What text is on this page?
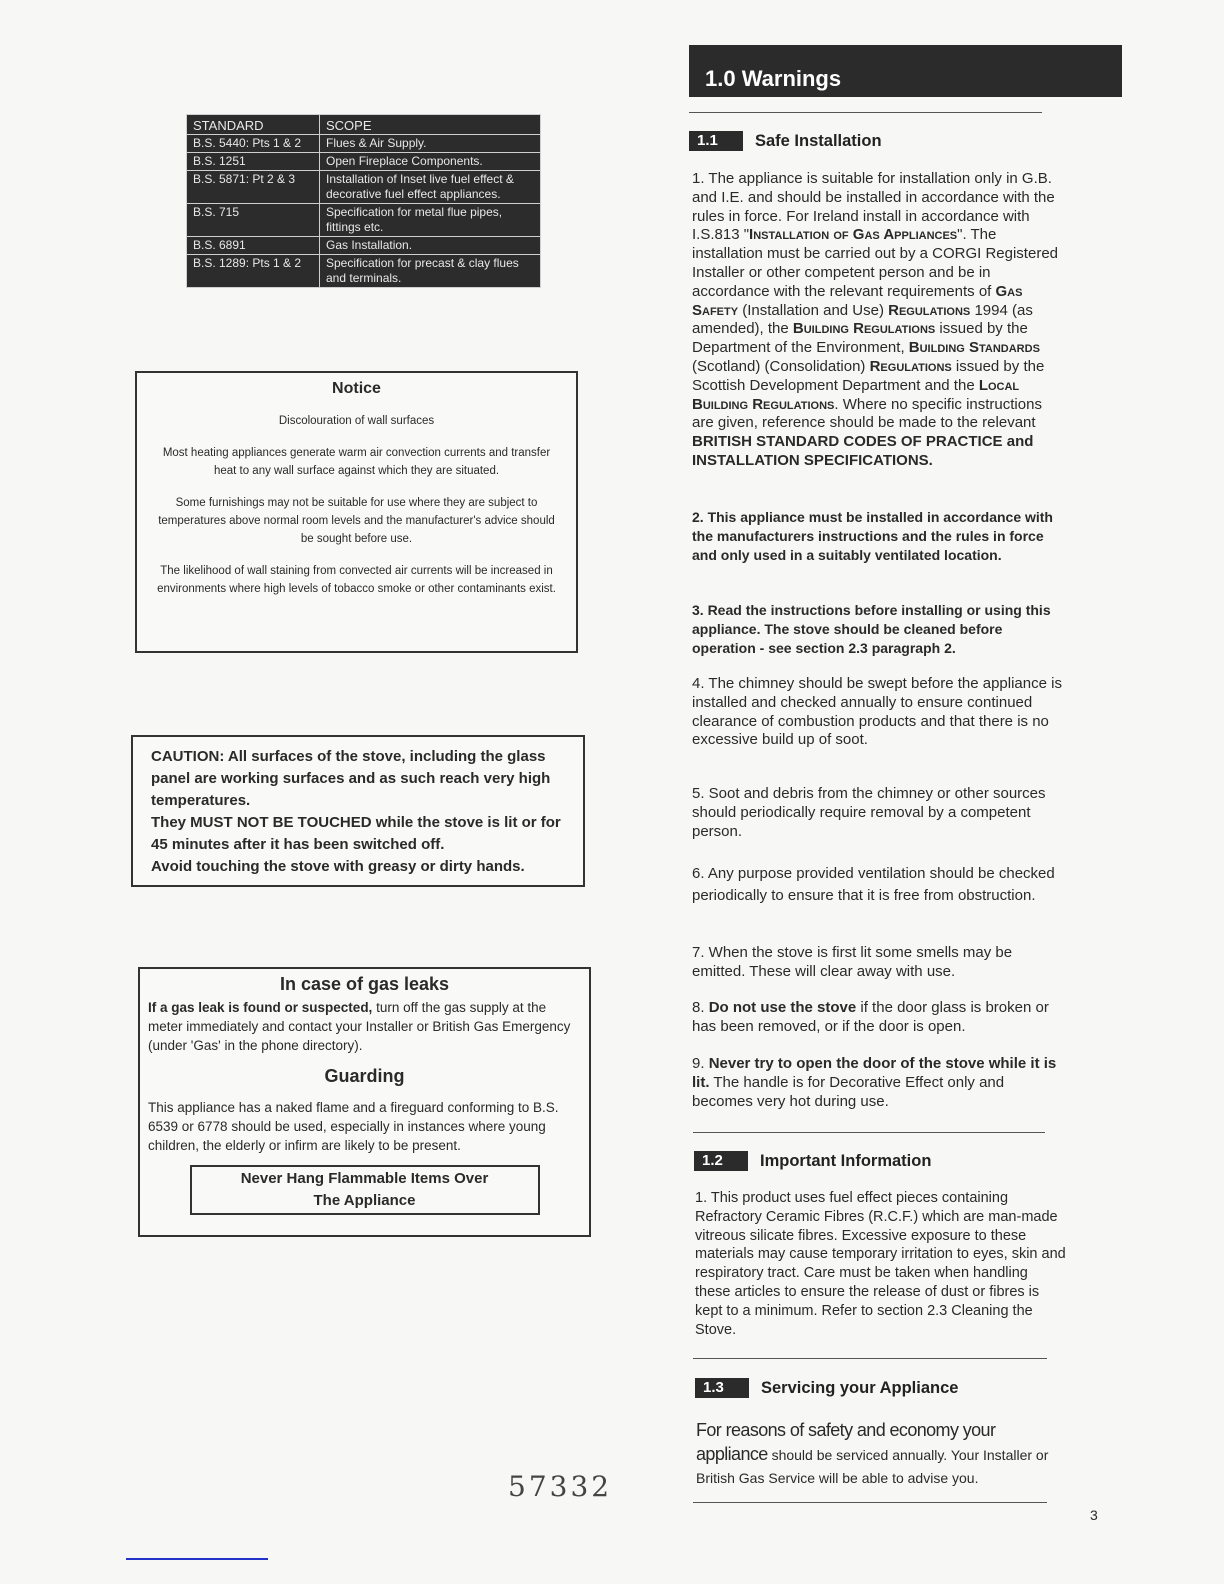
STANDARD	SCOPE
B.S. 5440: Pts 1 & 2	Flues & Air Supply.
B.S. 1251	Open Fireplace Components.
B.S. 5871: Pt 2 & 3	Installation of Inset live fuel effect & decorative fuel effect appliances.
B.S. 715	Specification for metal flue pipes, fittings etc.
B.S. 6891	Gas Installation.
B.S. 1289: Pts 1 & 2	Specification for precast & clay flues and terminals.
Notice

Discolouration of wall surfaces

Most heating appliances generate warm air convection currents and transfer heat to any wall surface against which they are situated.

Some furnishings may not be suitable for use where they are subject to temperatures above normal room levels and the manufacturer's advice should be sought before use.

The likelihood of wall staining from convected air currents will be increased in environments where high levels of tobacco smoke or other contaminants exist.

CAUTION: All surfaces of the stove, including the glass panel are working surfaces and as such reach very high temperatures.
They MUST NOT BE TOUCHED while the stove is lit or for 45 minutes after it has been switched off.
Avoid touching the stove with greasy or dirty hands.
In case of gas leaks
If a gas leak is found or suspected, turn off the gas supply at the meter immediately and contact your Installer or British Gas Emergency (under 'Gas' in the phone directory).
Guarding
This appliance has a naked flame and a fireguard conforming to B.S. 6539 or 6778 should be used, especially in instances where young children, the elderly or infirm are likely to be present.
Never Hang Flammable Items Over
The Appliance
57332
1.0 Warnings
1.1 Safe Installation
1. The appliance is suitable for installation only in G.B. and I.E. and should be installed in accordance with the rules in force. For Ireland install in accordance with I.S.813 "Installation of Gas Appliances". The installation must be carried out by a CORGI Registered Installer or other competent person and be in accordance with the relevant requirements of Gas Safety (Installation and Use) Regulations 1994 (as amended), the Building Regulations issued by the Department of the Environment, Building Standards (Scotland) (Consolidation) Regulations issued by the Scottish Development Department and the Local Building Regulations. Where no specific instructions are given, reference should be made to the relevant BRITISH STANDARD CODES OF PRACTICE and INSTALLATION SPECIFICATIONS.
2. This appliance must be installed in accordance with the manufacturers instructions and the rules in force and only used in a suitably ventilated location.
3. Read the instructions before installing or using this appliance. The stove should be cleaned before operation - see section 2.3 paragraph 2.
4. The chimney should be swept before the appliance is installed and checked annually to ensure continued clearance of combustion products and that there is no excessive build up of soot.
5. Soot and debris from the chimney or other sources should periodically require removal by a competent person.
6. Any purpose provided ventilation should be checked periodically to ensure that it is free from obstruction.
7. When the stove is first lit some smells may be emitted. These will clear away with use.
8. Do not use the stove if the door glass is broken or has been removed, or if the door is open.
9. Never try to open the door of the stove while it is lit. The handle is for Decorative Effect only and becomes very hot during use.
1.2 Important Information
1. This product uses fuel effect pieces containing Refractory Ceramic Fibres (R.C.F.) which are man-made vitreous silicate fibres. Excessive exposure to these materials may cause temporary irritation to eyes, skin and respiratory tract. Care must be taken when handling these articles to ensure the release of dust or fibres is kept to a minimum. Refer to section 2.3 Cleaning the Stove.
1.3 Servicing your Appliance
For reasons of safety and economy your appliance should be serviced annually. Your Installer or British Gas Service will be able to advise you.
3
